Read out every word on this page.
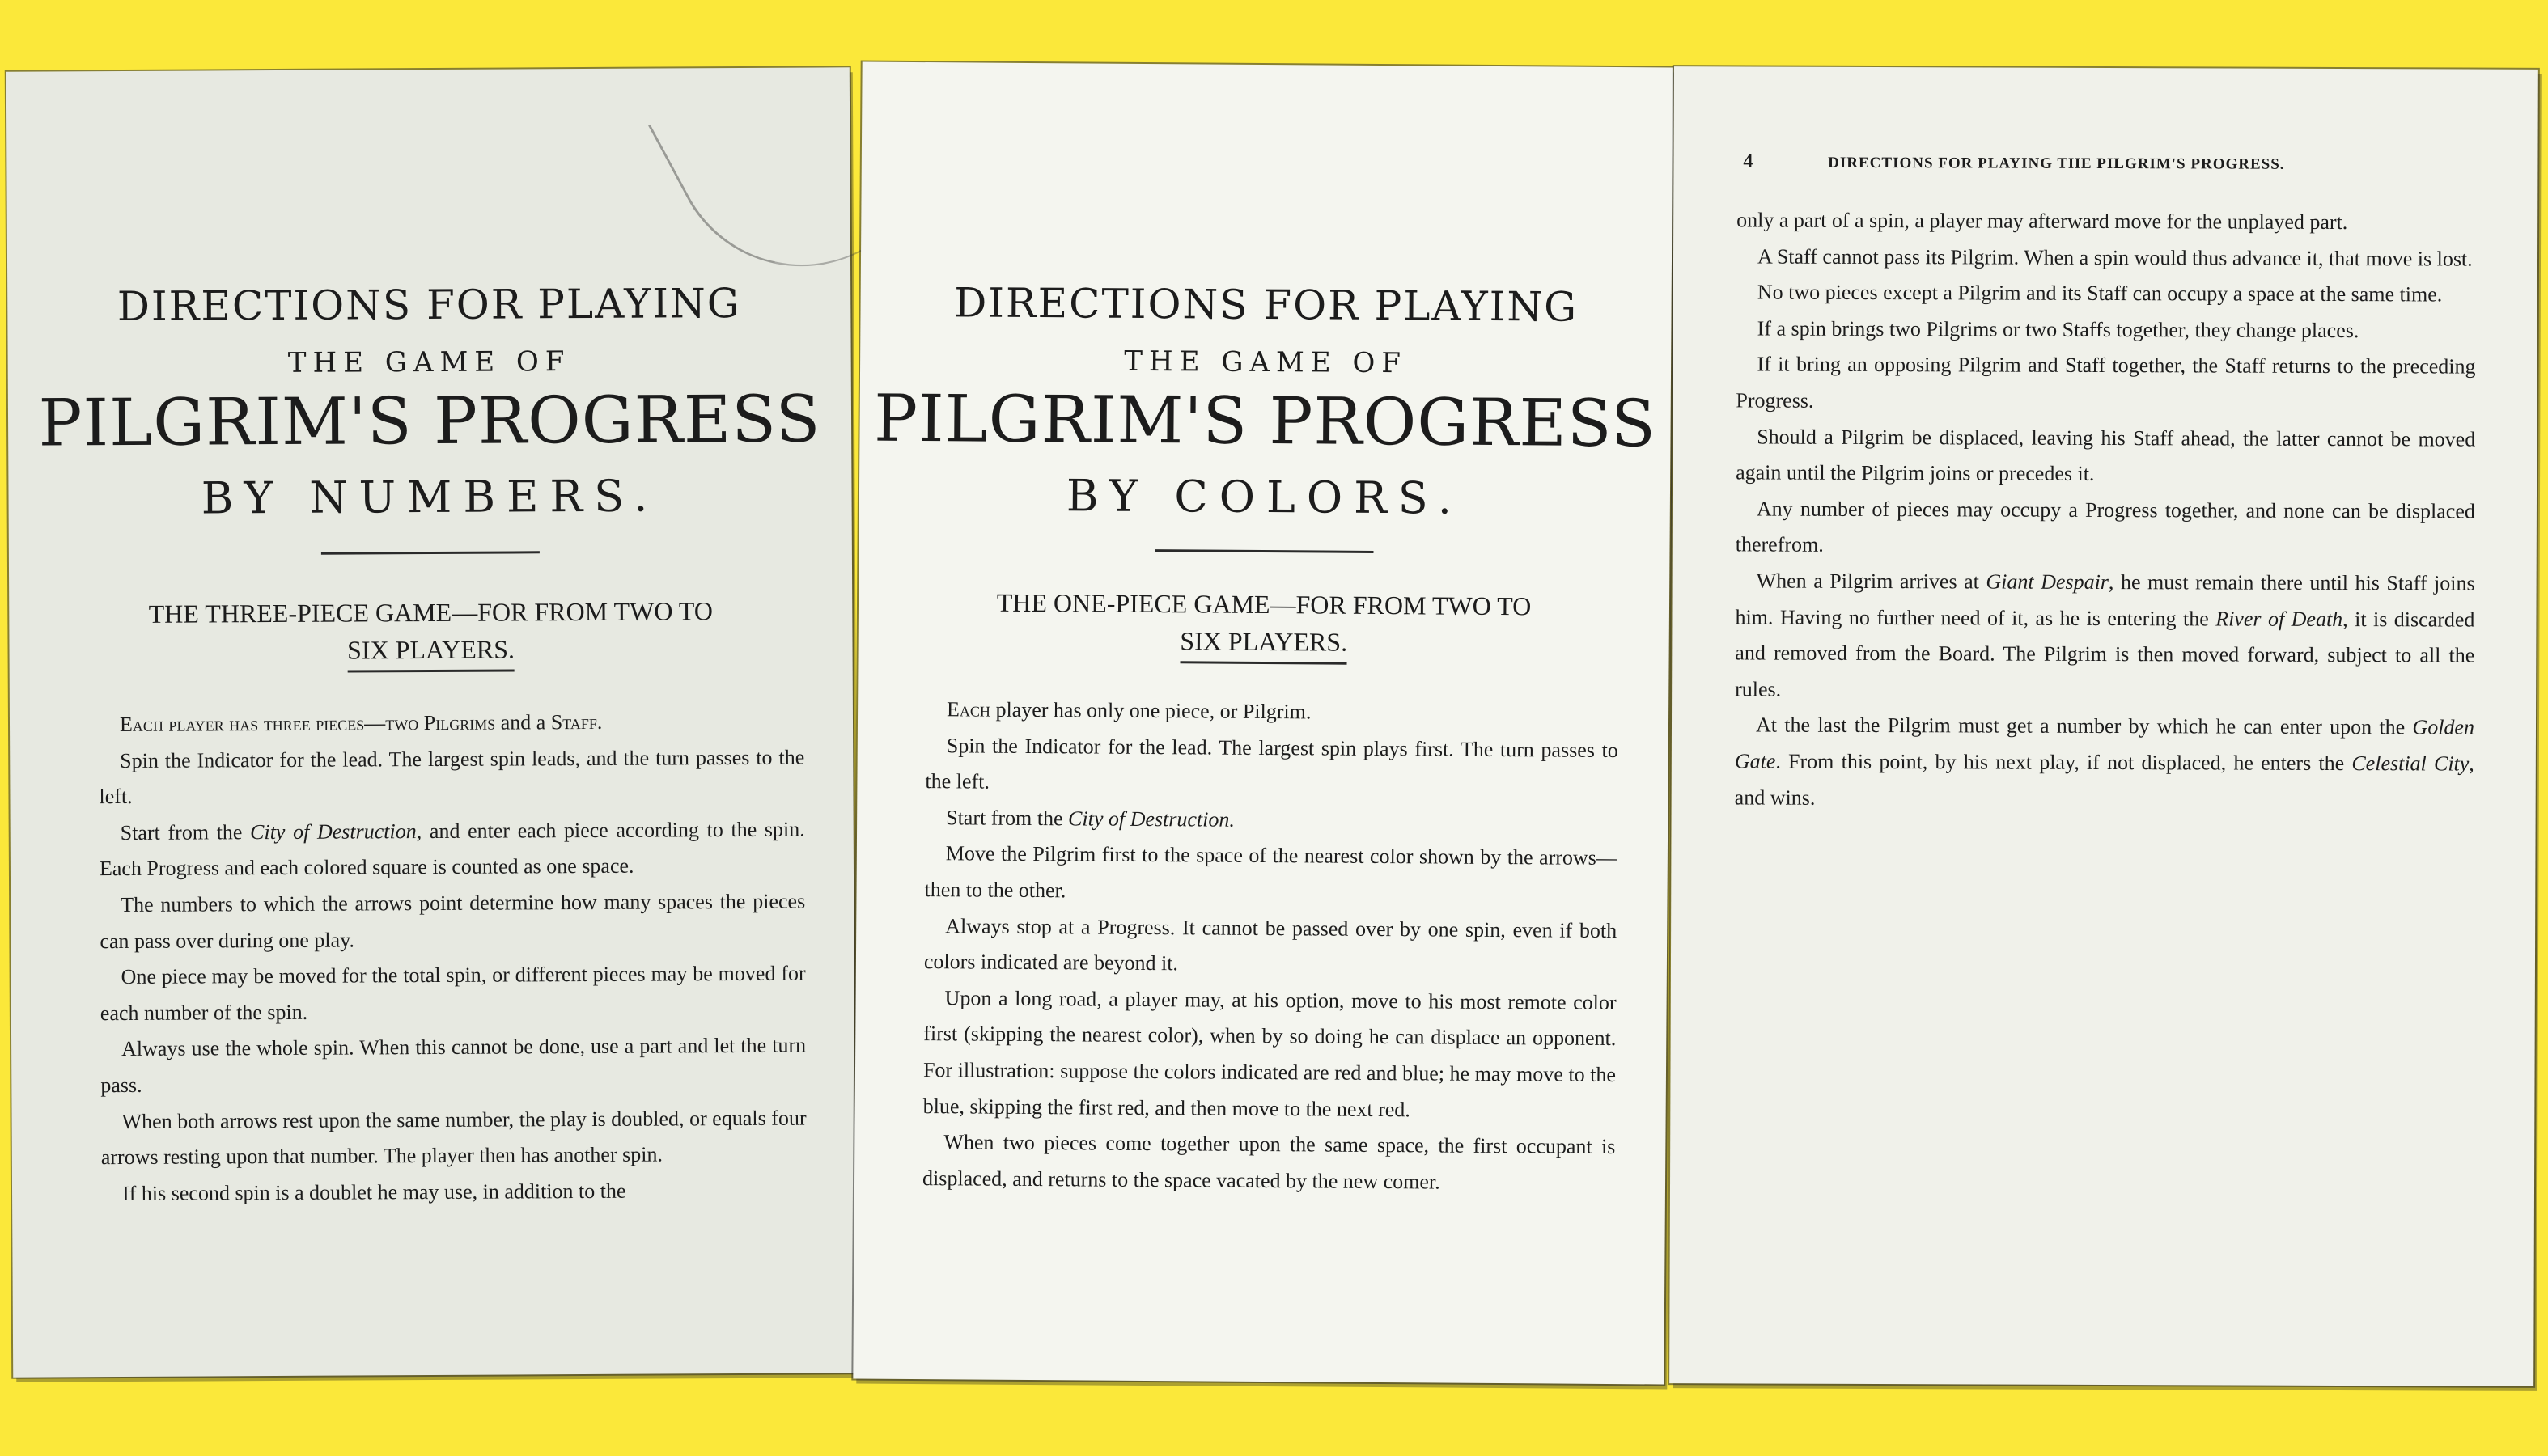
DIRECTIONS FOR PLAYING
THE GAME OF
PILGRIM'S PROGRESS
BY NUMBERS.

THE THREE-PIECE GAME—FOR FROM TWO TO
SIX PLAYERS.

Each player has three pieces—two Pilgrims and a Staff.

Spin the Indicator for the lead. The largest spin leads, and the turn passes to the left.

Start from the City of Destruction, and enter each piece according to the spin. Each Progress and each colored square is counted as one space.

The numbers to which the arrows point determine how many spaces the pieces can pass over during one play.

One piece may be moved for the total spin, or different pieces may be moved for each number of the spin.

Always use the whole spin. When this cannot be done, use a part and let the turn pass.

When both arrows rest upon the same number, the play is doubled, or equals four arrows resting upon that number. The player then has another spin.

If his second spin is a doublet he may use, in addition to the

DIRECTIONS FOR PLAYING
THE GAME OF
PILGRIM'S PROGRESS
BY COLORS.

THE ONE-PIECE GAME—FOR FROM TWO TO
SIX PLAYERS.

Each player has only one piece, or Pilgrim.

Spin the Indicator for the lead. The largest spin plays first. The turn passes to the left.

Start from the City of Destruction.

Move the Pilgrim first to the space of the nearest color shown by the arrows—then to the other.

Always stop at a Progress. It cannot be passed over by one spin, even if both colors indicated are beyond it.

Upon a long road, a player may, at his option, move to his most remote color first (skipping the nearest color), when by so doing he can displace an opponent. For illustration: suppose the colors indicated are red and blue; he may move to the blue, skipping the first red, and then move to the next red.

When two pieces come together upon the same space, the first occupant is displaced, and returns to the space vacated by the new comer.

4	DIRECTIONS FOR PLAYING THE PILGRIM'S PROGRESS.

only a part of a spin, a player may afterward move for the unplayed part.

A Staff cannot pass its Pilgrim. When a spin would thus advance it, that move is lost.

No two pieces except a Pilgrim and its Staff can occupy a space at the same time.

If a spin brings two Pilgrims or two Staffs together, they change places.

If it bring an opposing Pilgrim and Staff together, the Staff returns to the preceding Progress.

Should a Pilgrim be displaced, leaving his Staff ahead, the latter cannot be moved again until the Pilgrim joins or precedes it.

Any number of pieces may occupy a Progress together, and none can be displaced therefrom.

When a Pilgrim arrives at Giant Despair, he must remain there until his Staff joins him. Having no further need of it, as he is entering the River of Death, it is discarded and removed from the Board. The Pilgrim is then moved forward, subject to all the rules.

At the last the Pilgrim must get a number by which he can enter upon the Golden Gate. From this point, by his next play, if not displaced, he enters the Celestial City, and wins.
